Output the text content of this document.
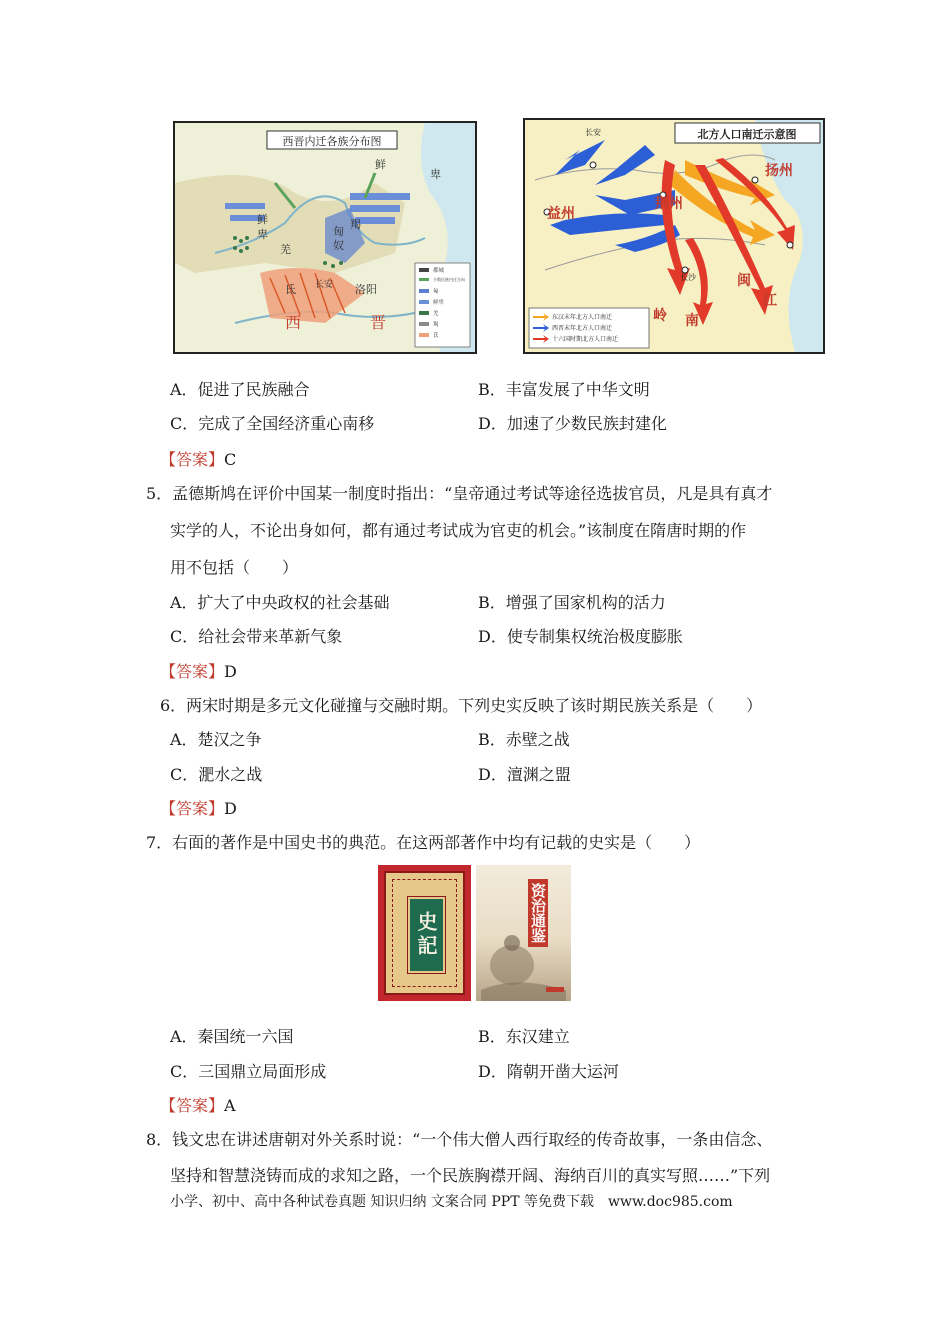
西晋内迁各族分布图
鲜
卑
匈
奴
羌
氐
羯
鲜
卑
长安 洛阳
西	晋
都城
少数民族内迁方向
匈
鲜卑
羌
羯
氐
北方人口南迁示意图
长安
长沙
益州
荆州
扬州
岭 南
闽
江
东汉末年北方人口南迁
西晋末年北方人口南迁
十六国时期北方人口南迁
A．促进了民族融合	B．丰富发展了中华文明
C．完成了全国经济重心南移	D．加速了少数民族封建化
【答案】C
5．孟德斯鸠在评价中国某一制度时指出：“皇帝通过考试等途径选拔官员，凡是具有真才
实学的人，不论出身如何，都有通过考试成为官吏的机会。”该制度在隋唐时期的作
用不包括（　　）
A．扩大了中央政权的社会基础	B．增强了国家机构的活力
C．给社会带来革新气象	D．使专制集权统治极度膨胀
【答案】D
6．两宋时期是多元文化碰撞与交融时期。下列史实反映了该时期民族关系是（　　）
A．楚汉之争	B．赤壁之战
C．淝水之战	D．澶渊之盟
【答案】D
7．右面的著作是中国史书的典范。在这两部著作中均有记载的史实是（　　）
史記	资治通鉴
A．秦国统一六国	B．东汉建立
C．三国鼎立局面形成	D．隋朝开凿大运河
【答案】A
8．钱文忠在讲述唐朝对外关系时说：“一个伟大僧人西行取经的传奇故事，一条由信念、
坚持和智慧浇铸而成的求知之路，一个民族胸襟开阔、海纳百川的真实写照……”下列
小学、初中、高中各种试卷真题 知识归纳 文案合同 PPT 等免费下载　www.doc985.com
